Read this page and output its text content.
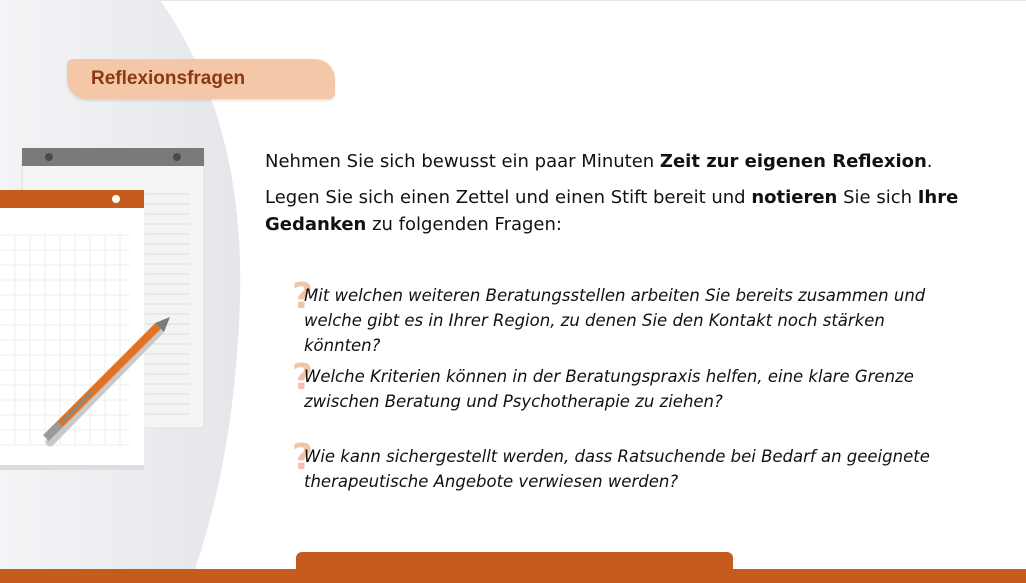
Reflexionsfragen

Nehmen Sie sich bewusst ein paar Minuten Zeit zur eigenen Reflexion.

Legen Sie sich einen Zettel und einen Stift bereit und notieren Sie sich Ihre Gedanken zu folgenden Fragen:

?
Mit welchen weiteren Beratungsstellen arbeiten Sie bereits zusammen und
welche gibt es in Ihrer Region, zu denen Sie den Kontakt noch stärken könnten?
?
Welche Kriterien können in der Beratungspraxis helfen, eine klare Grenze
zwischen Beratung und Psychotherapie zu ziehen?
?
Wie kann sichergestellt werden, dass Ratsuchende bei Bedarf an geeignete
therapeutische Angebote verwiesen werden?
